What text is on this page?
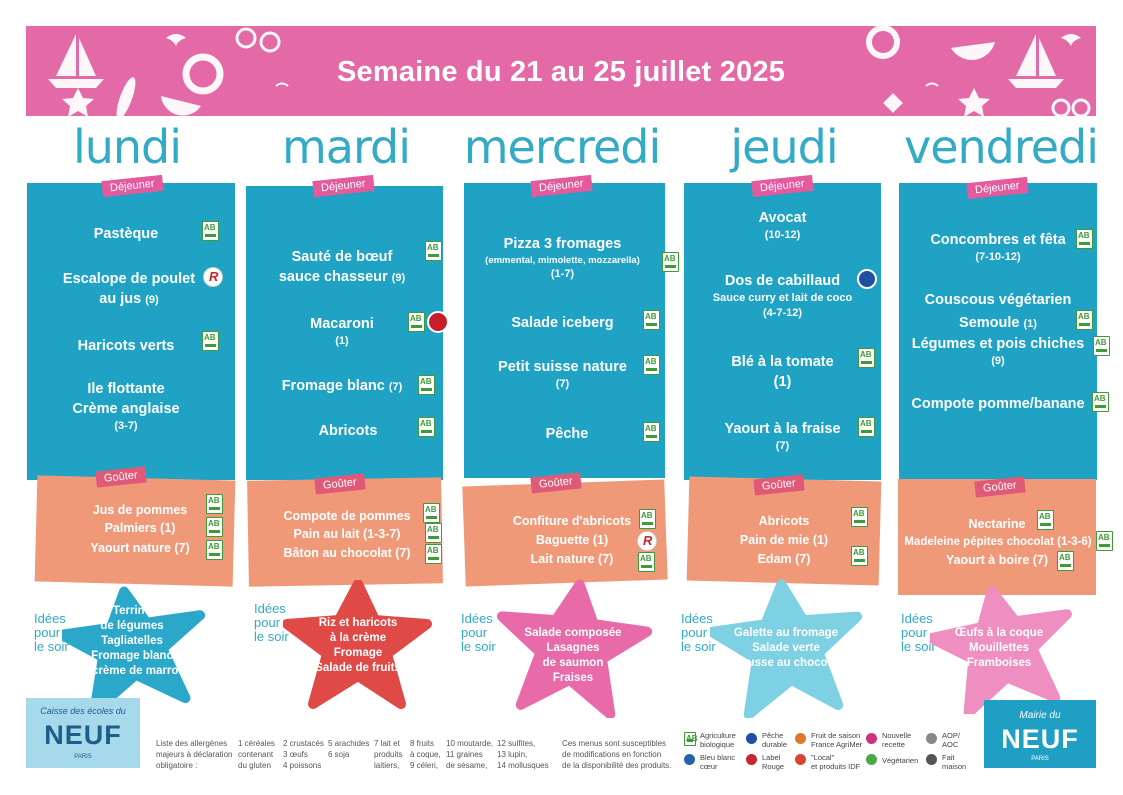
Semaine du 21 au 25 juillet 2025
lundi
Déjeuner
Pastèque
AB
Escalope de poulet
au jus (9)
R
Haricots verts
AB
Ile flottante
Crème anglaise
(3-7)
Goûter
Jus de pommes
Palmiers (1)
Yaourt nature (7)
AB
AB
AB
Idées
pour
le soir
Terrine
de légumes
Tagliatelles
Fromage blanc
et crème de marron
mardi
Déjeuner
Sauté de bœuf
sauce chasseur (9)
AB
Macaroni
(1)
AB
Fromage blanc (7)
AB
Abricots
AB
Goûter
Compote de pommes
Pain au lait (1-3-7)
Bâton au chocolat (7)
AB
AB
AB
Idées
pour
le soir
Riz et haricots
à la crème
Fromage
Salade de fruits
mercredi
Déjeuner
Pizza 3 fromages
(emmental, mimolette, mozzarella)
(1-7)
AB
Salade iceberg
AB
Petit suisse nature
(7)
AB
Pêche
AB
Goûter
Confiture d'abricots
Baguette (1)
Lait nature (7)
AB
R
AB
Idées
pour
le soir
Salade composée
Lasagnes
de saumon
Fraises
jeudi
Déjeuner
Avocat
(10-12)
Dos de cabillaud
Sauce curry et lait de coco
(4-7-12)
Blé à la tomate
(1)
AB
Yaourt à la fraise
(7)
AB
Goûter
Abricots
Pain de mie (1)
Edam (7)
AB
AB
Idées
pour
le soir
Galette au fromage
Salade verte
Mousse au chocolat
vendredi
Déjeuner
Concombres et fêta
(7-10-12)
AB
Couscous végétarien
Semoule (1)
AB
Légumes et pois chiches
(9)
AB
Compote pomme/banane
AB
Goûter
Nectarine
Madeleine pépites chocolat (1-3-6)
Yaourt à boire (7)
AB
AB
AB
Idées
pour
le soir
Œufs à la coque
Mouillettes
Framboises
Caisse des écoles du
NEUF
PARIS
Liste des allergènes
majeurs à déclaration
obligatoire :
1 céréales
contenant
du gluten
2 crustacés
3 œufs
4 poissons
5 arachides
6 soja
7 lait et
produits
laitiers,
8 fruits
à coque,
9 céleri,
10 moutarde,
11 graines
de sésame,
12 sulfites,
13 lupin,
14 mollusques
Ces menus sont susceptibles
de modifications en fonction
de la disponibilité des produits.
AB
Agriculture
biologique
Bleu blanc
cœur
Pêche
durable
Label
Rouge
Fruit de saison
France AgriMer
"Local"
et produits IDF
Nouvelle
recette
Végétarien
AOP/
AOC
Fait
maison
Mairie du
NEUF
PARIS
